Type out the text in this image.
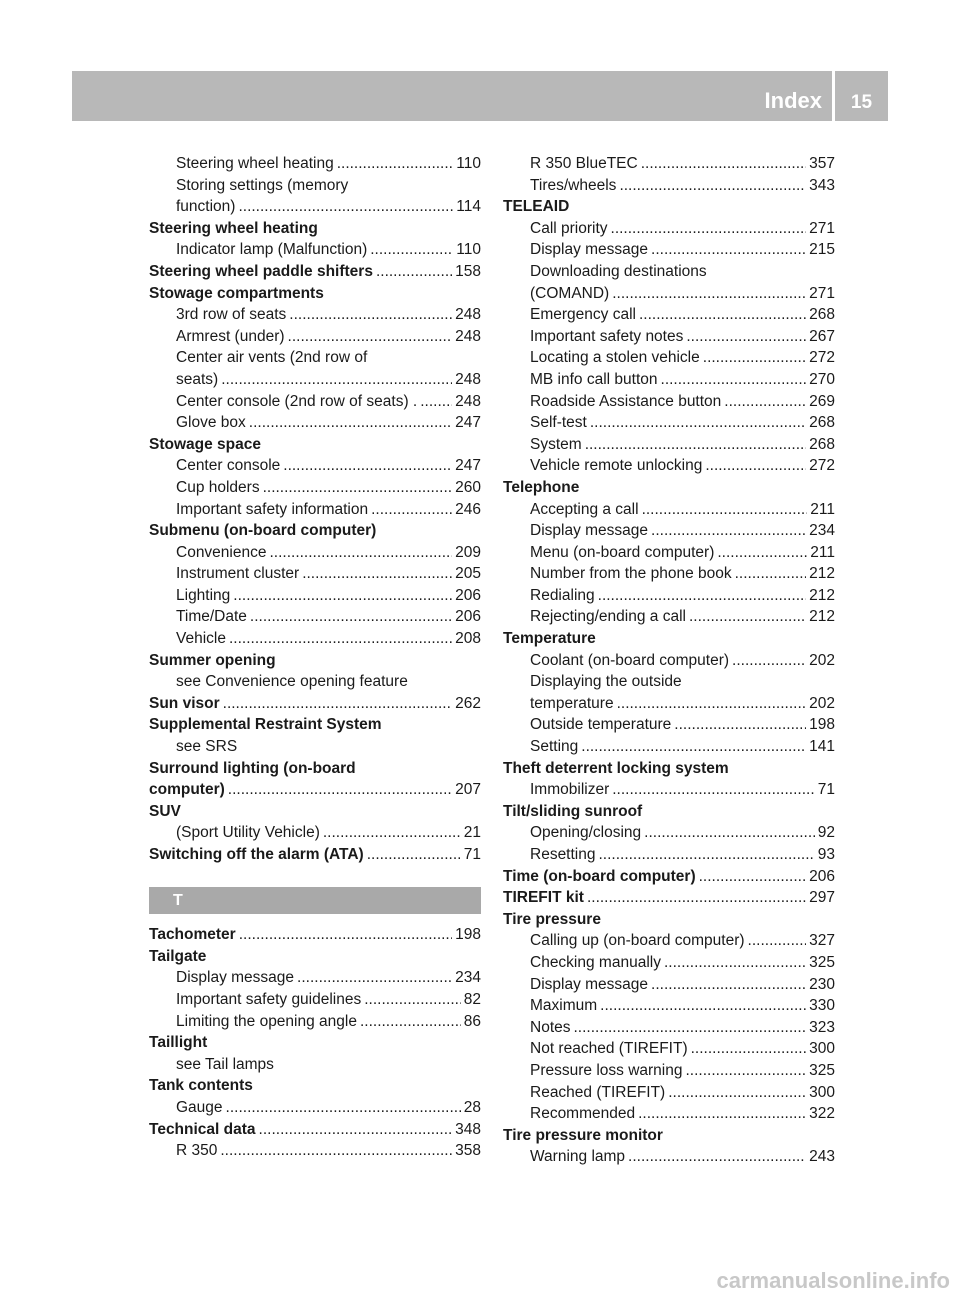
Index	15
Steering wheel heating .....	110
Storing settings (memory
function) .....	114
Steering wheel heating
Indicator lamp (Malfunction) .....	110
Steering wheel paddle shifters .....	158
Stowage compartments
3rd row of seats .....	248
Armrest (under) .....	248
Center air vents (2nd row of
seats) .....	248
Center console (2nd row of seats) . ..... 248
Glove box .....	247
Stowage space
Center console .....	247
Cup holders .....	260
Important safety information .....	246
Submenu (on-board computer)
Convenience .....	209
Instrument cluster .....	205
Lighting .....	206
Time/Date .....	206
Vehicle .....	208
Summer opening
see Convenience opening feature
Sun visor .....	262
Supplemental Restraint System
see SRS
Surround lighting (on-board
computer) .....	207
SUV
(Sport Utility Vehicle) .....	21
Switching off the alarm (ATA) .....	71
T
Tachometer .....	198
Tailgate
Display message .....	234
Important safety guidelines .....	82
Limiting the opening angle .....	86
Taillight
see Tail lamps
Tank contents
Gauge .....	28
Technical data .....	348
R 350 .....	358
R 350 BlueTEC .....	357
Tires/wheels .....	343
TELEAID
Call priority .....	271
Display message .....	215
Downloading destinations
(COMAND) .....	271
Emergency call .....	268
Important safety notes .....	267
Locating a stolen vehicle .....	272
MB info call button .....	270
Roadside Assistance button .....	269
Self-test .....	268
System .....	268
Vehicle remote unlocking .....	272
Telephone
Accepting a call .....	211
Display message .....	234
Menu (on-board computer) .....	211
Number from the phone book .....	212
Redialing .....	212
Rejecting/ending a call .....	212
Temperature
Coolant (on-board computer) .....	202
Displaying the outside
temperature .....	202
Outside temperature .....	198
Setting .....	141
Theft deterrent locking system
Immobilizer .....	71
Tilt/sliding sunroof
Opening/closing .....	92
Resetting .....	93
Time (on-board computer) .....	206
TIREFIT kit .....	297
Tire pressure
Calling up (on-board computer) .....	327
Checking manually .....	325
Display message .....	230
Maximum .....	330
Notes .....	323
Not reached (TIREFIT) .....	300
Pressure loss warning .....	325
Reached (TIREFIT) .....	300
Recommended .....	322
Tire pressure monitor
Warning lamp .....	243
carmanualsonline.info
